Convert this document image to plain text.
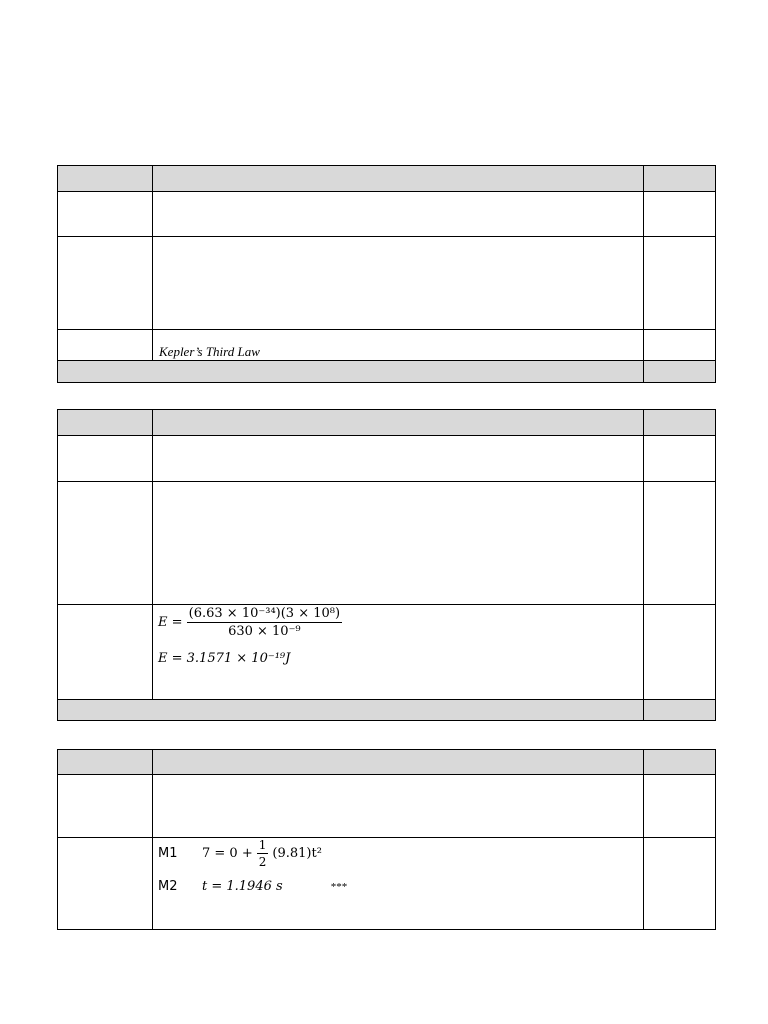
	Kepler’s Third Law	

	$E = \frac{\text{(6.63 × 10⁻³⁴)(3 × 10⁸)}}{\text{630 × 10⁻⁹}}$
E = 3.1571 × 10⁻¹⁹J	

	M1 $7 = 0 + \frac{1}{2} (9.81)t^2$
M2 t = 1.1946 s ***	
